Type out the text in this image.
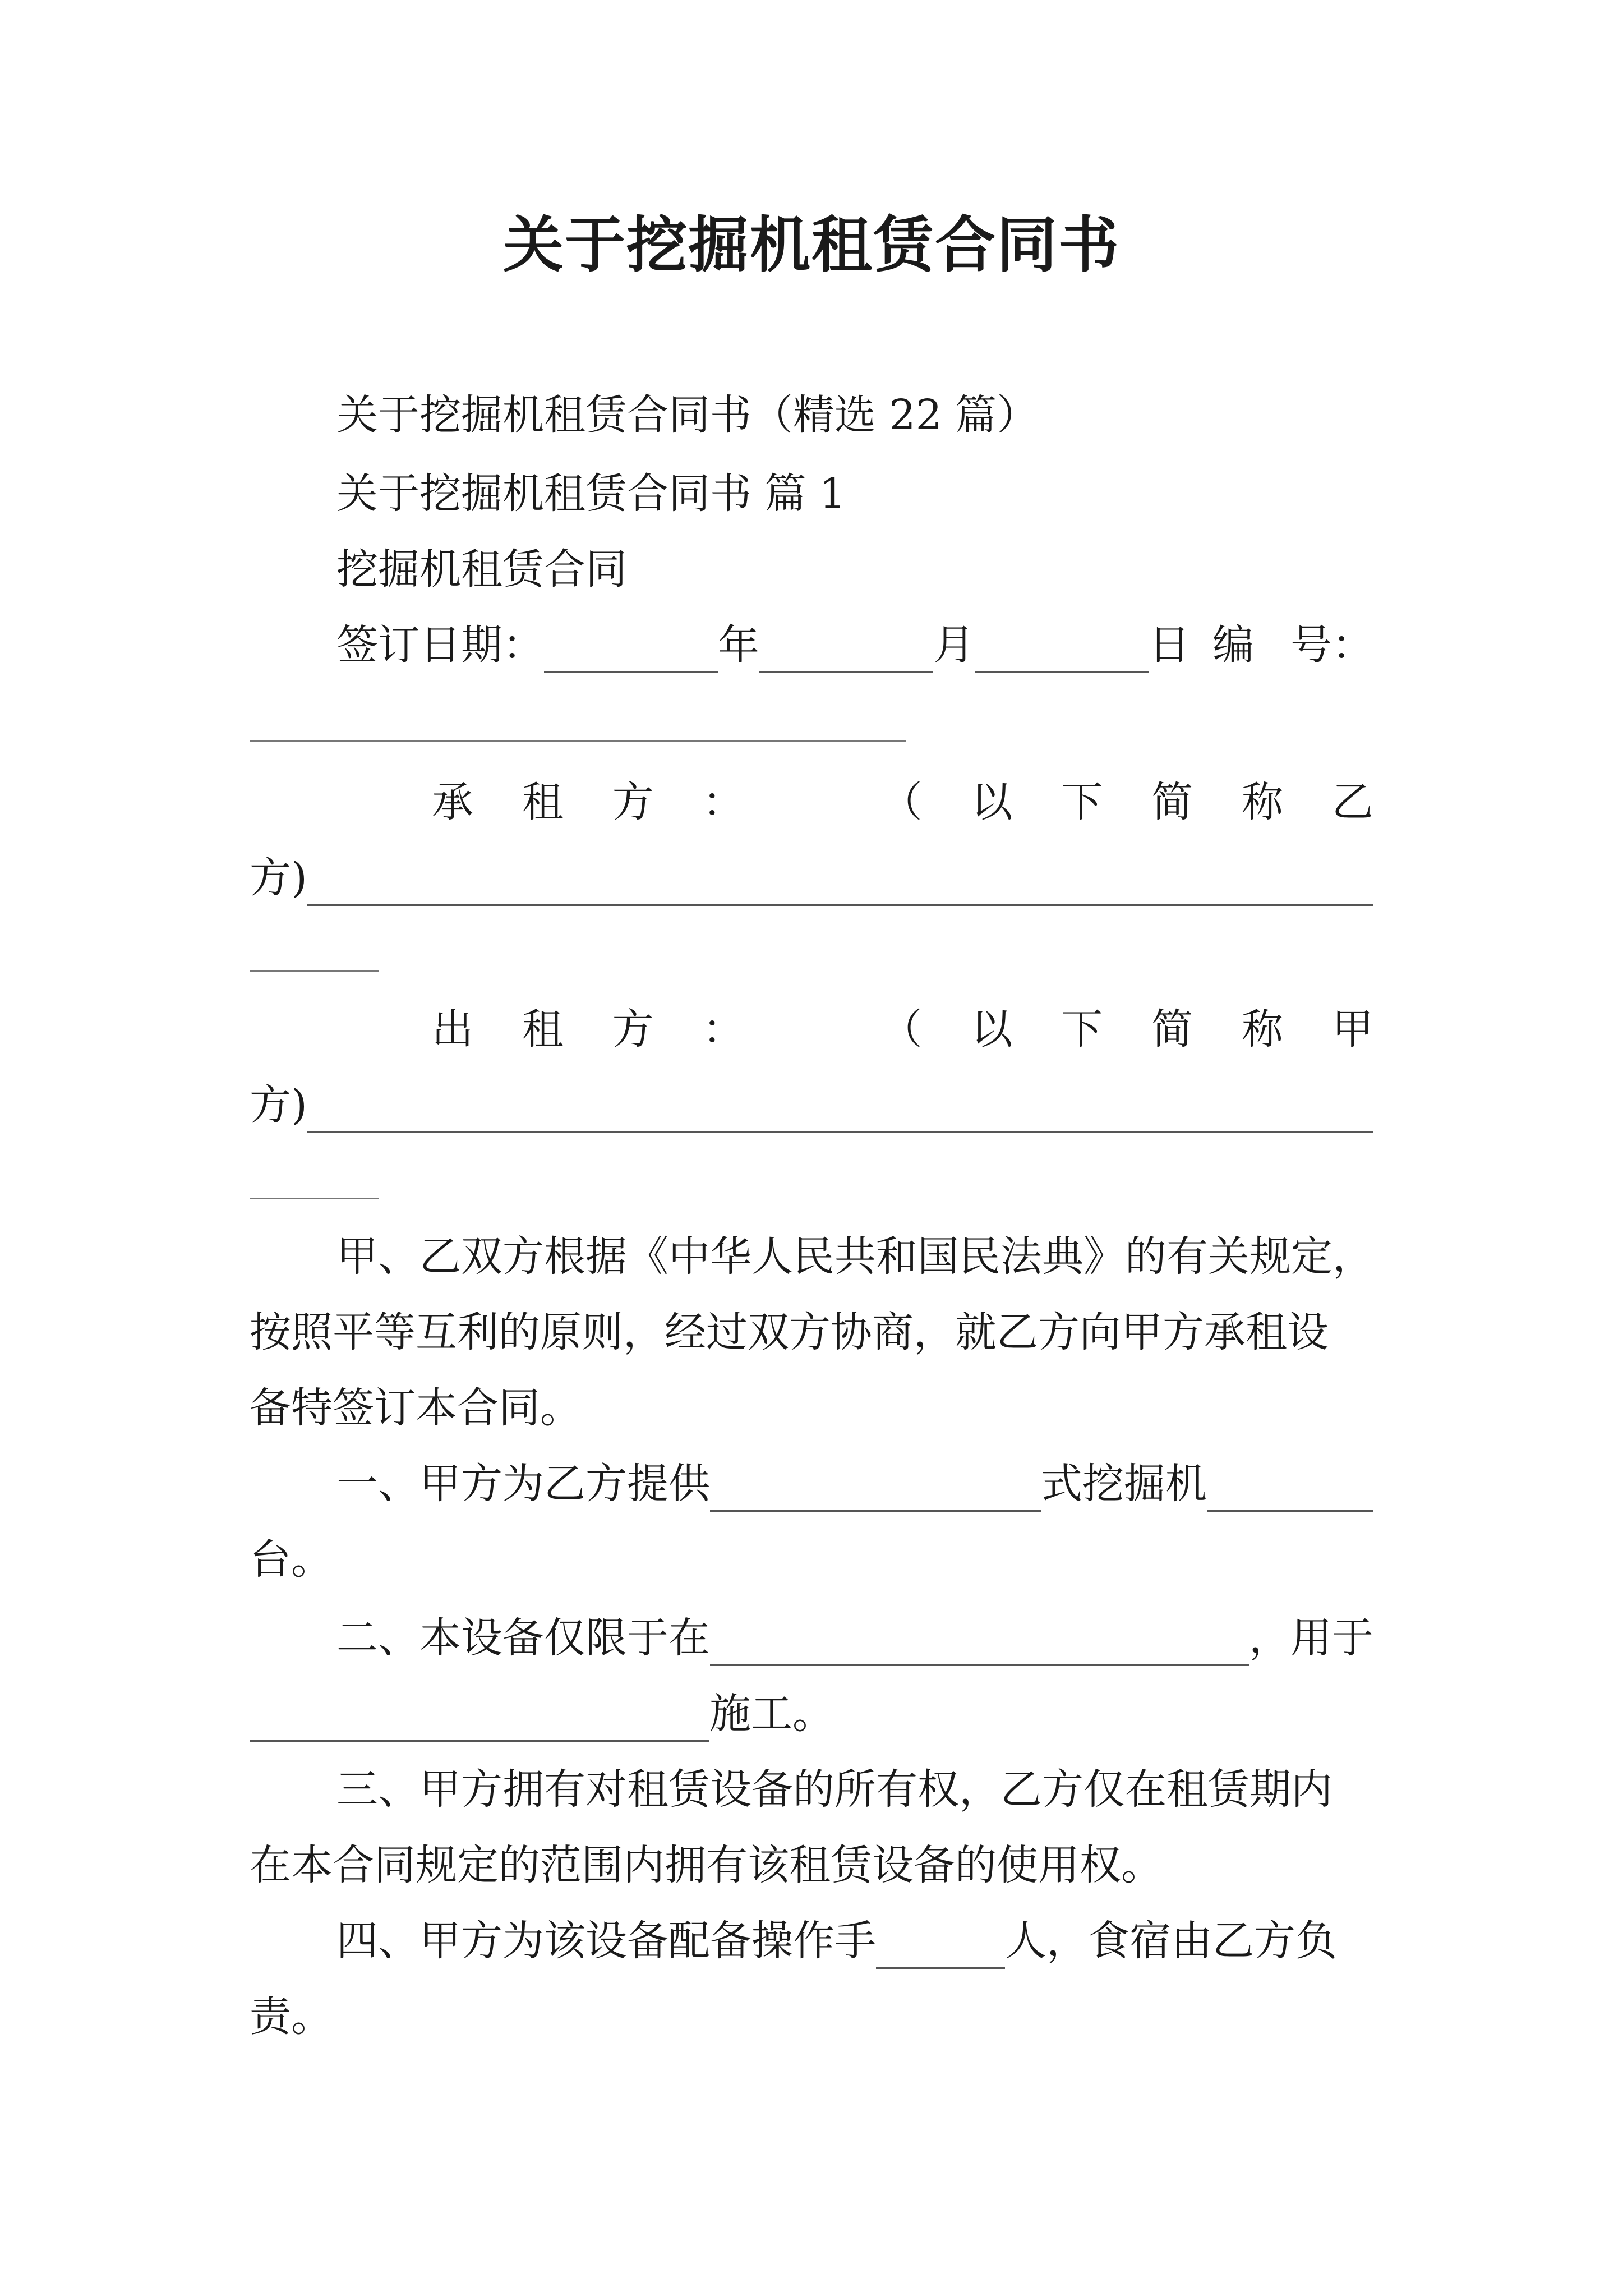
关于挖掘机租赁合同书

关于挖掘机租赁合同书（精选 22 篇）

关于挖掘机租赁合同书 篇 1

挖掘机租赁合同

签订日期：	年	月	日 编 号：
承 租 方 ：	（ 以 下 简 称 乙
方)
出 租 方 ：	（ 以 下 简 称 甲
方)

甲、乙双方根据《中华人民共和国民法典》的有关规定，

按照平等互利的原则，经过双方协商，就乙方向甲方承租设

备特签订本合同。

一、甲方为乙方提供	式挖掘机

台。

二、本设备仅限于在	，用于
施工。

三、甲方拥有对租赁设备的所有权，乙方仅在租赁期内

在本合同规定的范围内拥有该租赁设备的使用权。

四、甲方为该设备配备操作手	人，食宿由乙方负

责。
